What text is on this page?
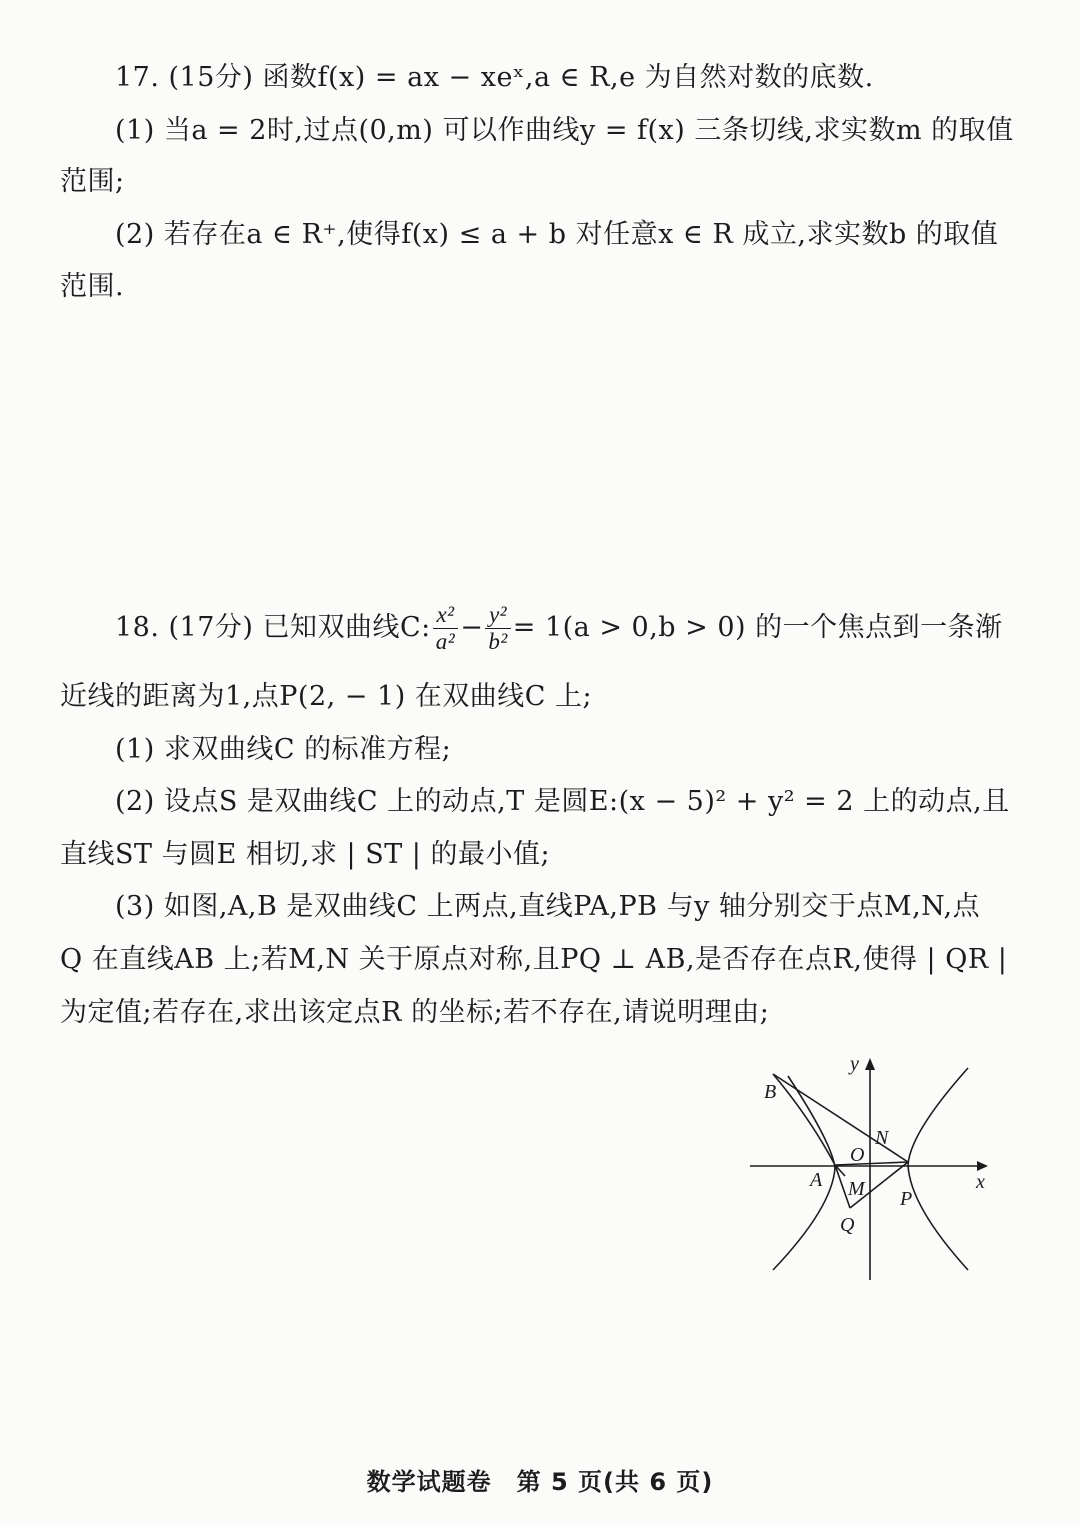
17. (15分) 函数f(x) = ax − xeˣ,a ∈ R,e 为自然对数的底数.
(1) 当a = 2时,过点(0,m) 可以作曲线y = f(x) 三条切线,求实数m 的取值
范围;
(2) 若存在a ∈ R⁺,使得f(x) ≤ a + b 对任意x ∈ R 成立,求实数b 的取值
范围.
18. (17分) 已知双曲线C: $\frac{\text{x²}}{\text{a²}} - \frac{\text{y²}}{\text{b²}} = 1(a > 0,b > 0)$ 的一个焦点到一条渐
近线的距离为1,点P(2, − 1) 在双曲线C 上;
(1) 求双曲线C 的标准方程;
(2) 设点S 是双曲线C 上的动点,T 是圆E:(x − 5)² + y² = 2 上的动点,且
直线ST 与圆E 相切,求 | ST | 的最小值;
(3) 如图,A,B 是双曲线C 上两点,直线PA,PB 与y 轴分别交于点M,N,点
Q 在直线AB 上;若M,N 关于原点对称,且PQ ⊥ AB,是否存在点R,使得 | QR |
为定值;若存在,求出该定点R 的坐标;若不存在,请说明理由;
y
x
B
N
O
A M P
Q
数学试题卷　第 5 页(共 6 页)
